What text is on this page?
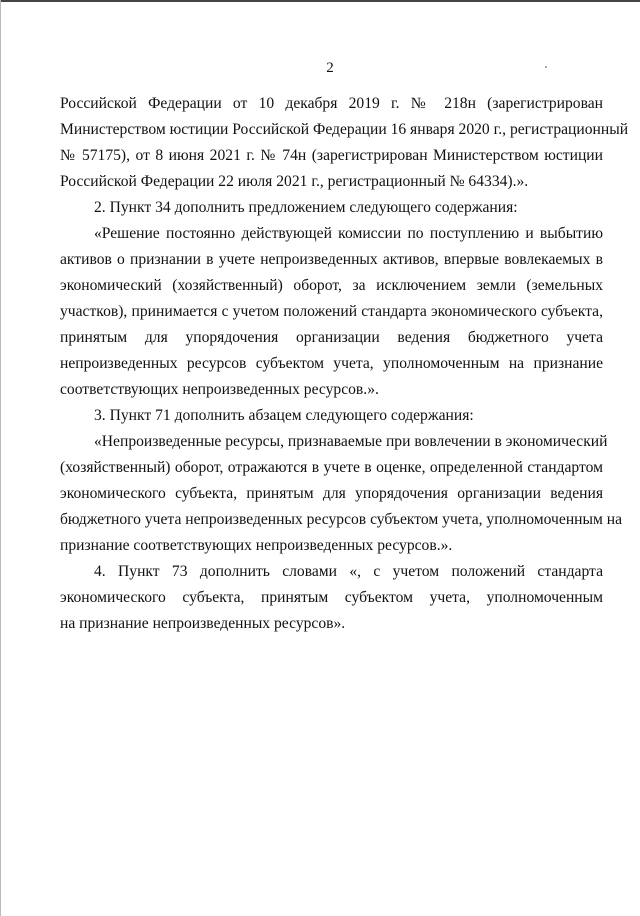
2
Российской Федерации от 10 декабря 2019 г. № 218н (зарегистрирован
Министерством юстиции Российской Федерации 16 января 2020 г., регистрационный
№ 57175), от 8 июня 2021 г. № 74н (зарегистрирован Министерством юстиции
Российской Федерации 22 июля 2021 г., регистрационный № 64334).».
2. Пункт 34 дополнить предложением следующего содержания:
«Решение постоянно действующей комиссии по поступлению и выбытию
активов о признании в учете непроизведенных активов, впервые вовлекаемых в
экономический (хозяйственный) оборот, за исключением земли (земельных
участков), принимается с учетом положений стандарта экономического субъекта,
принятым для упорядочения организации ведения бюджетного учета
непроизведенных ресурсов субъектом учета, уполномоченным на признание
соответствующих непроизведенных ресурсов.».
3. Пункт 71 дополнить абзацем следующего содержания:
«Непроизведенные ресурсы, признаваемые при вовлечении в экономический
(хозяйственный) оборот, отражаются в учете в оценке, определенной стандартом
экономического субъекта, принятым для упорядочения организации ведения
бюджетного учета непроизведенных ресурсов субъектом учета, уполномоченным на
признание соответствующих непроизведенных ресурсов.».
4. Пункт 73 дополнить словами «, с учетом положений стандарта
экономического субъекта, принятым субъектом учета, уполномоченным
на признание непроизведенных ресурсов».
